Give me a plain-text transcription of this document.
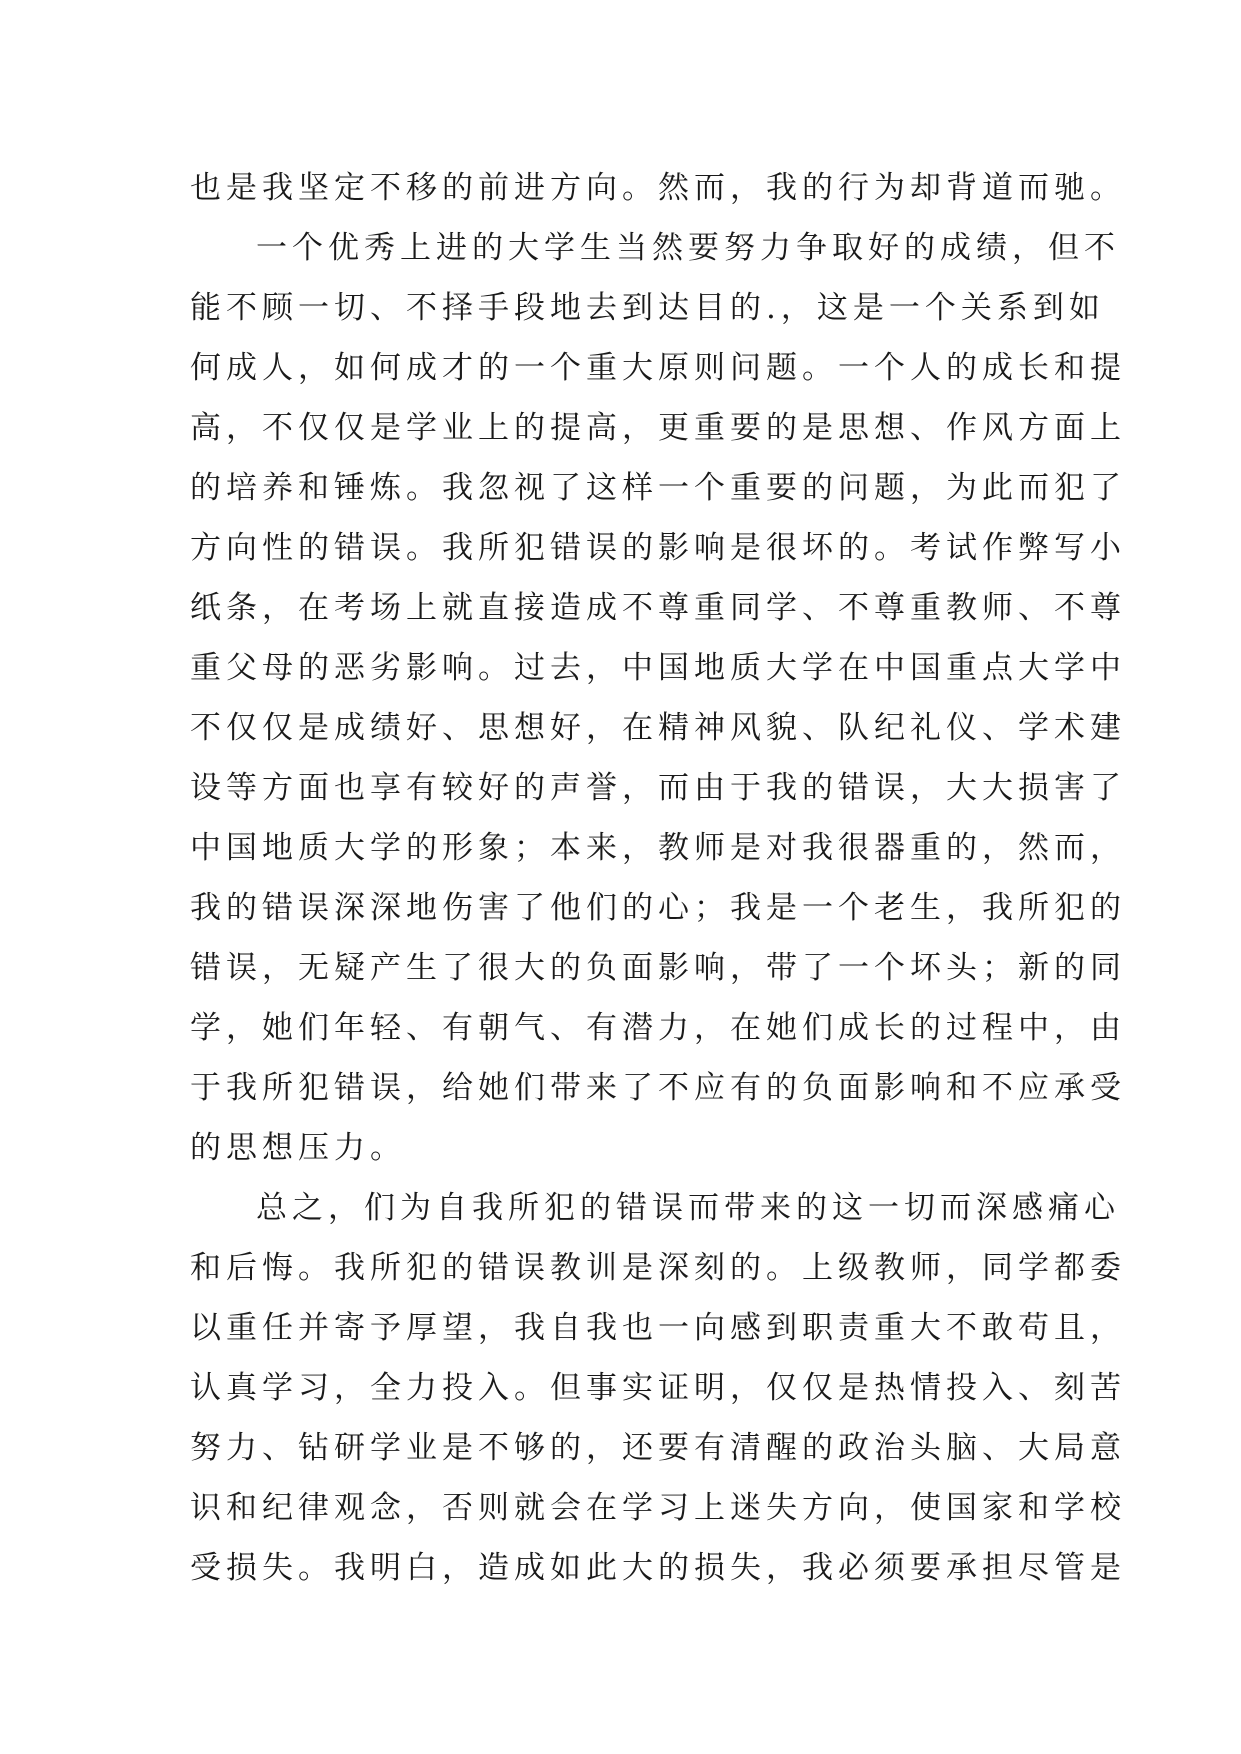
也是我坚定不移的前进方向。然而，我的行为却背道而驰。
一个优秀上进的大学生当然要努力争取好的成绩，但不
能不顾一切、不择手段地去到达目的.，这是一个关系到如
何成人，如何成才的一个重大原则问题。一个人的成长和提
高，不仅仅是学业上的提高，更重要的是思想、作风方面上
的培养和锤炼。我忽视了这样一个重要的问题，为此而犯了
方向性的错误。我所犯错误的影响是很坏的。考试作弊写小
纸条，在考场上就直接造成不尊重同学、不尊重教师、不尊
重父母的恶劣影响。过去，中国地质大学在中国重点大学中
不仅仅是成绩好、思想好，在精神风貌、队纪礼仪、学术建
设等方面也享有较好的声誉，而由于我的错误，大大损害了
中国地质大学的形象；本来，教师是对我很器重的，然而，
我的错误深深地伤害了他们的心；我是一个老生，我所犯的
错误，无疑产生了很大的负面影响，带了一个坏头；新的同
学，她们年轻、有朝气、有潜力，在她们成长的过程中，由
于我所犯错误，给她们带来了不应有的负面影响和不应承受
的思想压力。
总之，们为自我所犯的错误而带来的这一切而深感痛心
和后悔。我所犯的错误教训是深刻的。上级教师，同学都委
以重任并寄予厚望，我自我也一向感到职责重大不敢苟且，
认真学习，全力投入。但事实证明，仅仅是热情投入、刻苦
努力、钻研学业是不够的，还要有清醒的政治头脑、大局意
识和纪律观念，否则就会在学习上迷失方向，使国家和学校
受损失。我明白，造成如此大的损失，我必须要承担尽管是
